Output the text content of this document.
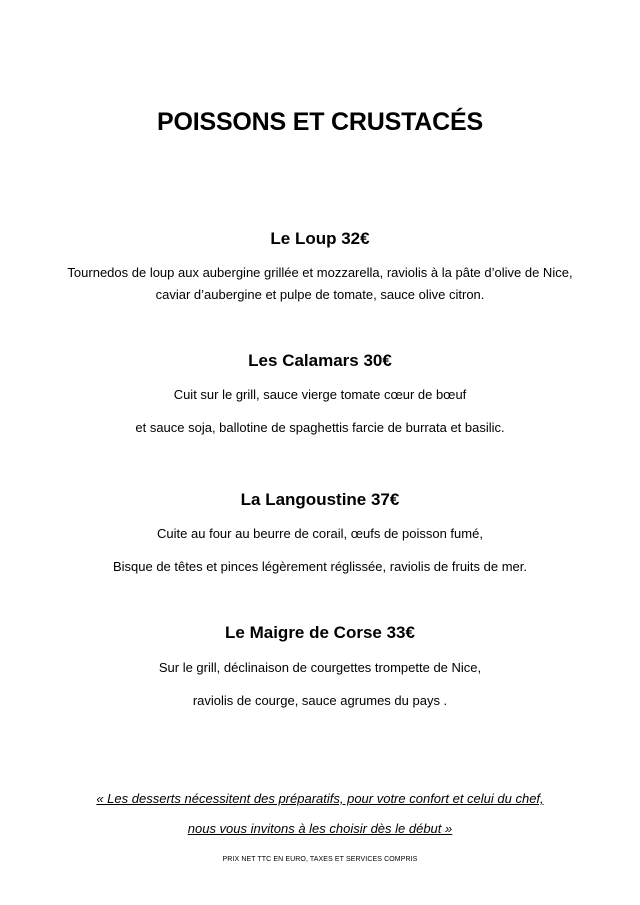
POISSONS ET CRUSTACÉS
Le Loup 32€
Tournedos de loup aux aubergine grillée et mozzarella, raviolis à la pâte d’olive de Nice,
caviar d’aubergine et pulpe de tomate, sauce olive citron.
Les Calamars 30€
Cuit sur le grill, sauce vierge tomate cœur de bœuf
et sauce soja, ballotine de spaghettis farcie de burrata et basilic.
La Langoustine 37€
Cuite au four au beurre de corail, œufs de poisson fumé,
Bisque de têtes et pinces légèrement réglissée, raviolis de fruits de mer.
Le Maigre de Corse 33€
Sur le grill, déclinaison de courgettes trompette de Nice,
raviolis de courge, sauce agrumes du pays .
« Les desserts nécessitent des préparatifs, pour votre confort et celui du chef,
nous vous invitons à les choisir dès le début »
PRIX NET TTC EN EURO, TAXES ET SERVICES COMPRIS
